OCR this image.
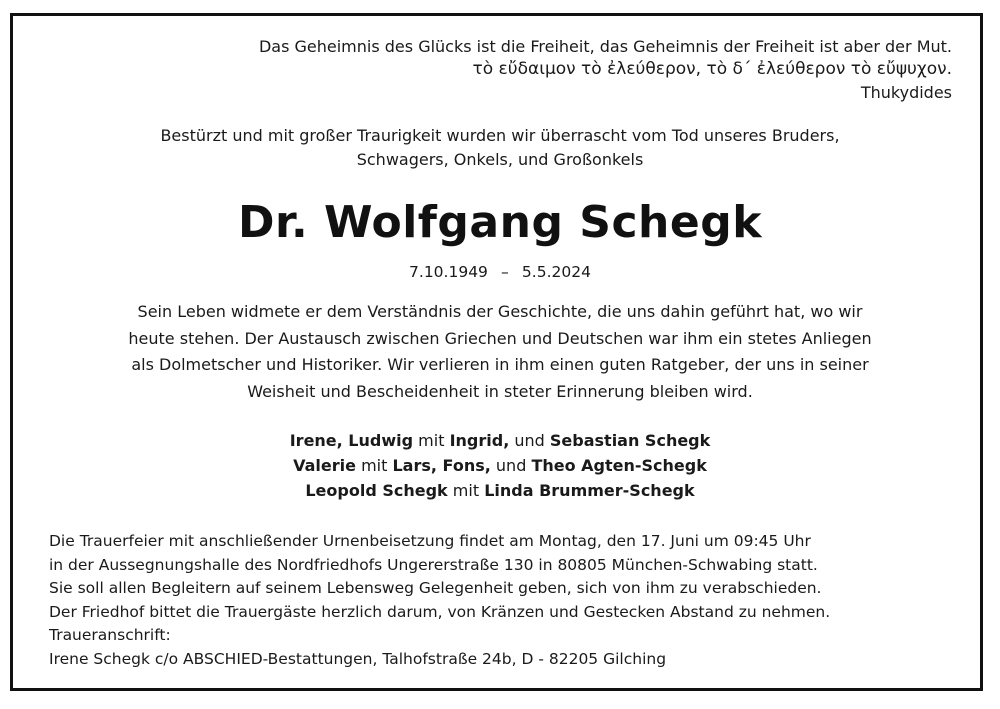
Das Geheimnis des Glücks ist die Freiheit, das Geheimnis der Freiheit ist aber der Mut.
τὸ εὔδαιμον τὸ ἐλεύθερον, τὸ δ΄ ἐλεύθερον τὸ εὔψυχον.
Thukydides
Bestürzt und mit großer Traurigkeit wurden wir überrascht vom Tod unseres Bruders,
Schwagers, Onkels, und Großonkels
Dr. Wolfgang Schegk
7.10.1949 – 5.5.2024
Sein Leben widmete er dem Verständnis der Geschichte, die uns dahin geführt hat, wo wir
heute stehen. Der Austausch zwischen Griechen und Deutschen war ihm ein stetes Anliegen
als Dolmetscher und Historiker. Wir verlieren in ihm einen guten Ratgeber, der uns in seiner
Weisheit und Bescheidenheit in steter Erinnerung bleiben wird.
Irene, Ludwig mit Ingrid, und Sebastian Schegk
Valerie mit Lars, Fons, und Theo Agten-Schegk
Leopold Schegk mit Linda Brummer-Schegk
Die Trauerfeier mit anschließender Urnenbeisetzung findet am Montag, den 17. Juni um 09:45 Uhr
in der Aussegnungshalle des Nordfriedhofs Ungererstraße 130 in 80805 München-Schwabing statt.
Sie soll allen Begleitern auf seinem Lebensweg Gelegenheit geben, sich von ihm zu verabschieden.
Der Friedhof bittet die Trauergäste herzlich darum, von Kränzen und Gestecken Abstand zu nehmen.
Traueranschrift:
Irene Schegk c/o ABSCHIED-Bestattungen, Talhofstraße 24b, D - 82205 Gilching
